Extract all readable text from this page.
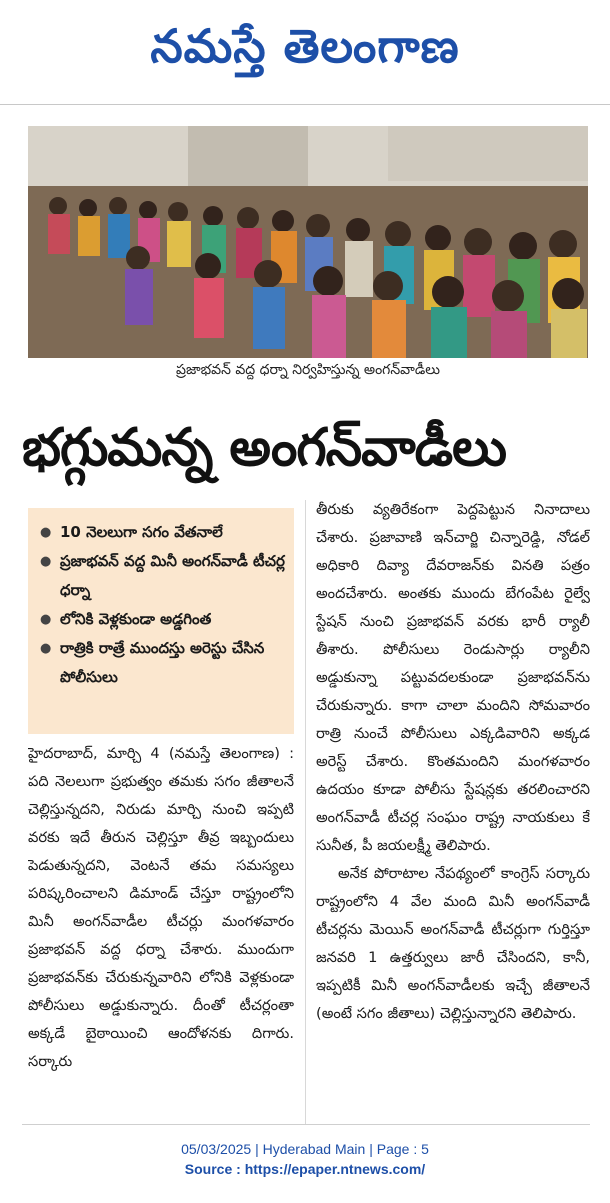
నమస్తే తెలంగాణ
ప్రజాభవన్ వద్ద ధర్నా నిర్వహిస్తున్న అంగన్‌వాడీలు
భగ్గుమన్న అంగన్‌వాడీలు
● 10 నెలలుగా సగం వేతనాలే
● ప్రజాభవన్ వద్ద మినీ అంగన్‌వాడీ టీచర్ల ధర్నా
● లోనికి వెళ్లకుండా అడ్డగింత
● రాత్రికి రాత్రే ముందస్తు అరెస్టు చేసిన పోలీసులు

హైదరాబాద్, మార్చి 4 (నమస్తే తెలంగాణ) : పది నెలలుగా ప్రభుత్వం తమకు సగం జీతాలనే చెల్లిస్తున్నదని, నిరుడు మార్చి నుంచి ఇప్పటి వరకు ఇదే తీరున చెల్లిస్తూ తీవ్ర ఇబ్బందులు పెడుతున్నదని, వెంటనే తమ సమస్యలు పరిష్కరించాలని డిమాండ్ చేస్తూ రాష్ట్రంలోని మినీ అంగన్‌వాడీల టీచర్లు మంగళవారం ప్రజాభవన్ వద్ద ధర్నా చేశారు. ముందుగా ప్రజాభవన్‌కు చేరుకున్నవారిని లోనికి వెళ్లకుండా పోలీసులు అడ్డుకున్నారు. దీంతో టీచర్లంతా అక్కడే బైఠాయించి ఆందోళనకు దిగారు. సర్కారు

తీరుకు వ్యతిరేకంగా పెద్దపెట్టున నినాదాలు చేశారు. ప్రజావాణి ఇన్‌చార్జి చిన్నారెడ్డి, నోడల్ అధికారి దివ్యా దేవరాజన్‌కు వినతి పత్రం అందచేశారు. అంతకు ముందు బేగంపేట రైల్వే స్టేషన్ నుంచి ప్రజాభవన్ వరకు భారీ ర్యాలీ తీశారు. పోలీసులు రెండుసార్లు ర్యాలీని అడ్డుకున్నా పట్టువదలకుండా ప్రజాభవన్‌ను చేరుకున్నారు. కాగా చాలా మందిని సోమవారం రాత్రి నుంచే పోలీసులు ఎక్కడివారిని అక్కడ అరెస్ట్ చేశారు. కొంతమందిని మంగళవారం ఉదయం కూడా పోలీసు స్టేషన్లకు తరలించారని అంగన్‌వాడీ టీచర్ల సంఘం రాష్ట్ర నాయకులు కే సునీత, పీ జయలక్ష్మీ తెలిపారు.

అనేక పోరాటాల నేపథ్యంలో కాంగ్రెస్ సర్కారు రాష్ట్రంలోని 4 వేల మంది మినీ అంగన్‌వాడీ టీచర్లను మెయిన్ అంగన్‌వాడీ టీచర్లుగా గుర్తిస్తూ జనవరి 1 ఉత్తర్వులు జారీ చేసిందని, కానీ, ఇప్పటికీ మినీ అంగన్‌వాడీలకు ఇచ్చే జీతాలనే (అంటే సగం జీతాలు) చెల్లిస్తున్నారని తెలిపారు.

05/03/2025 | Hyderabad Main | Page : 5
Source : https://epaper.ntnews.com/
